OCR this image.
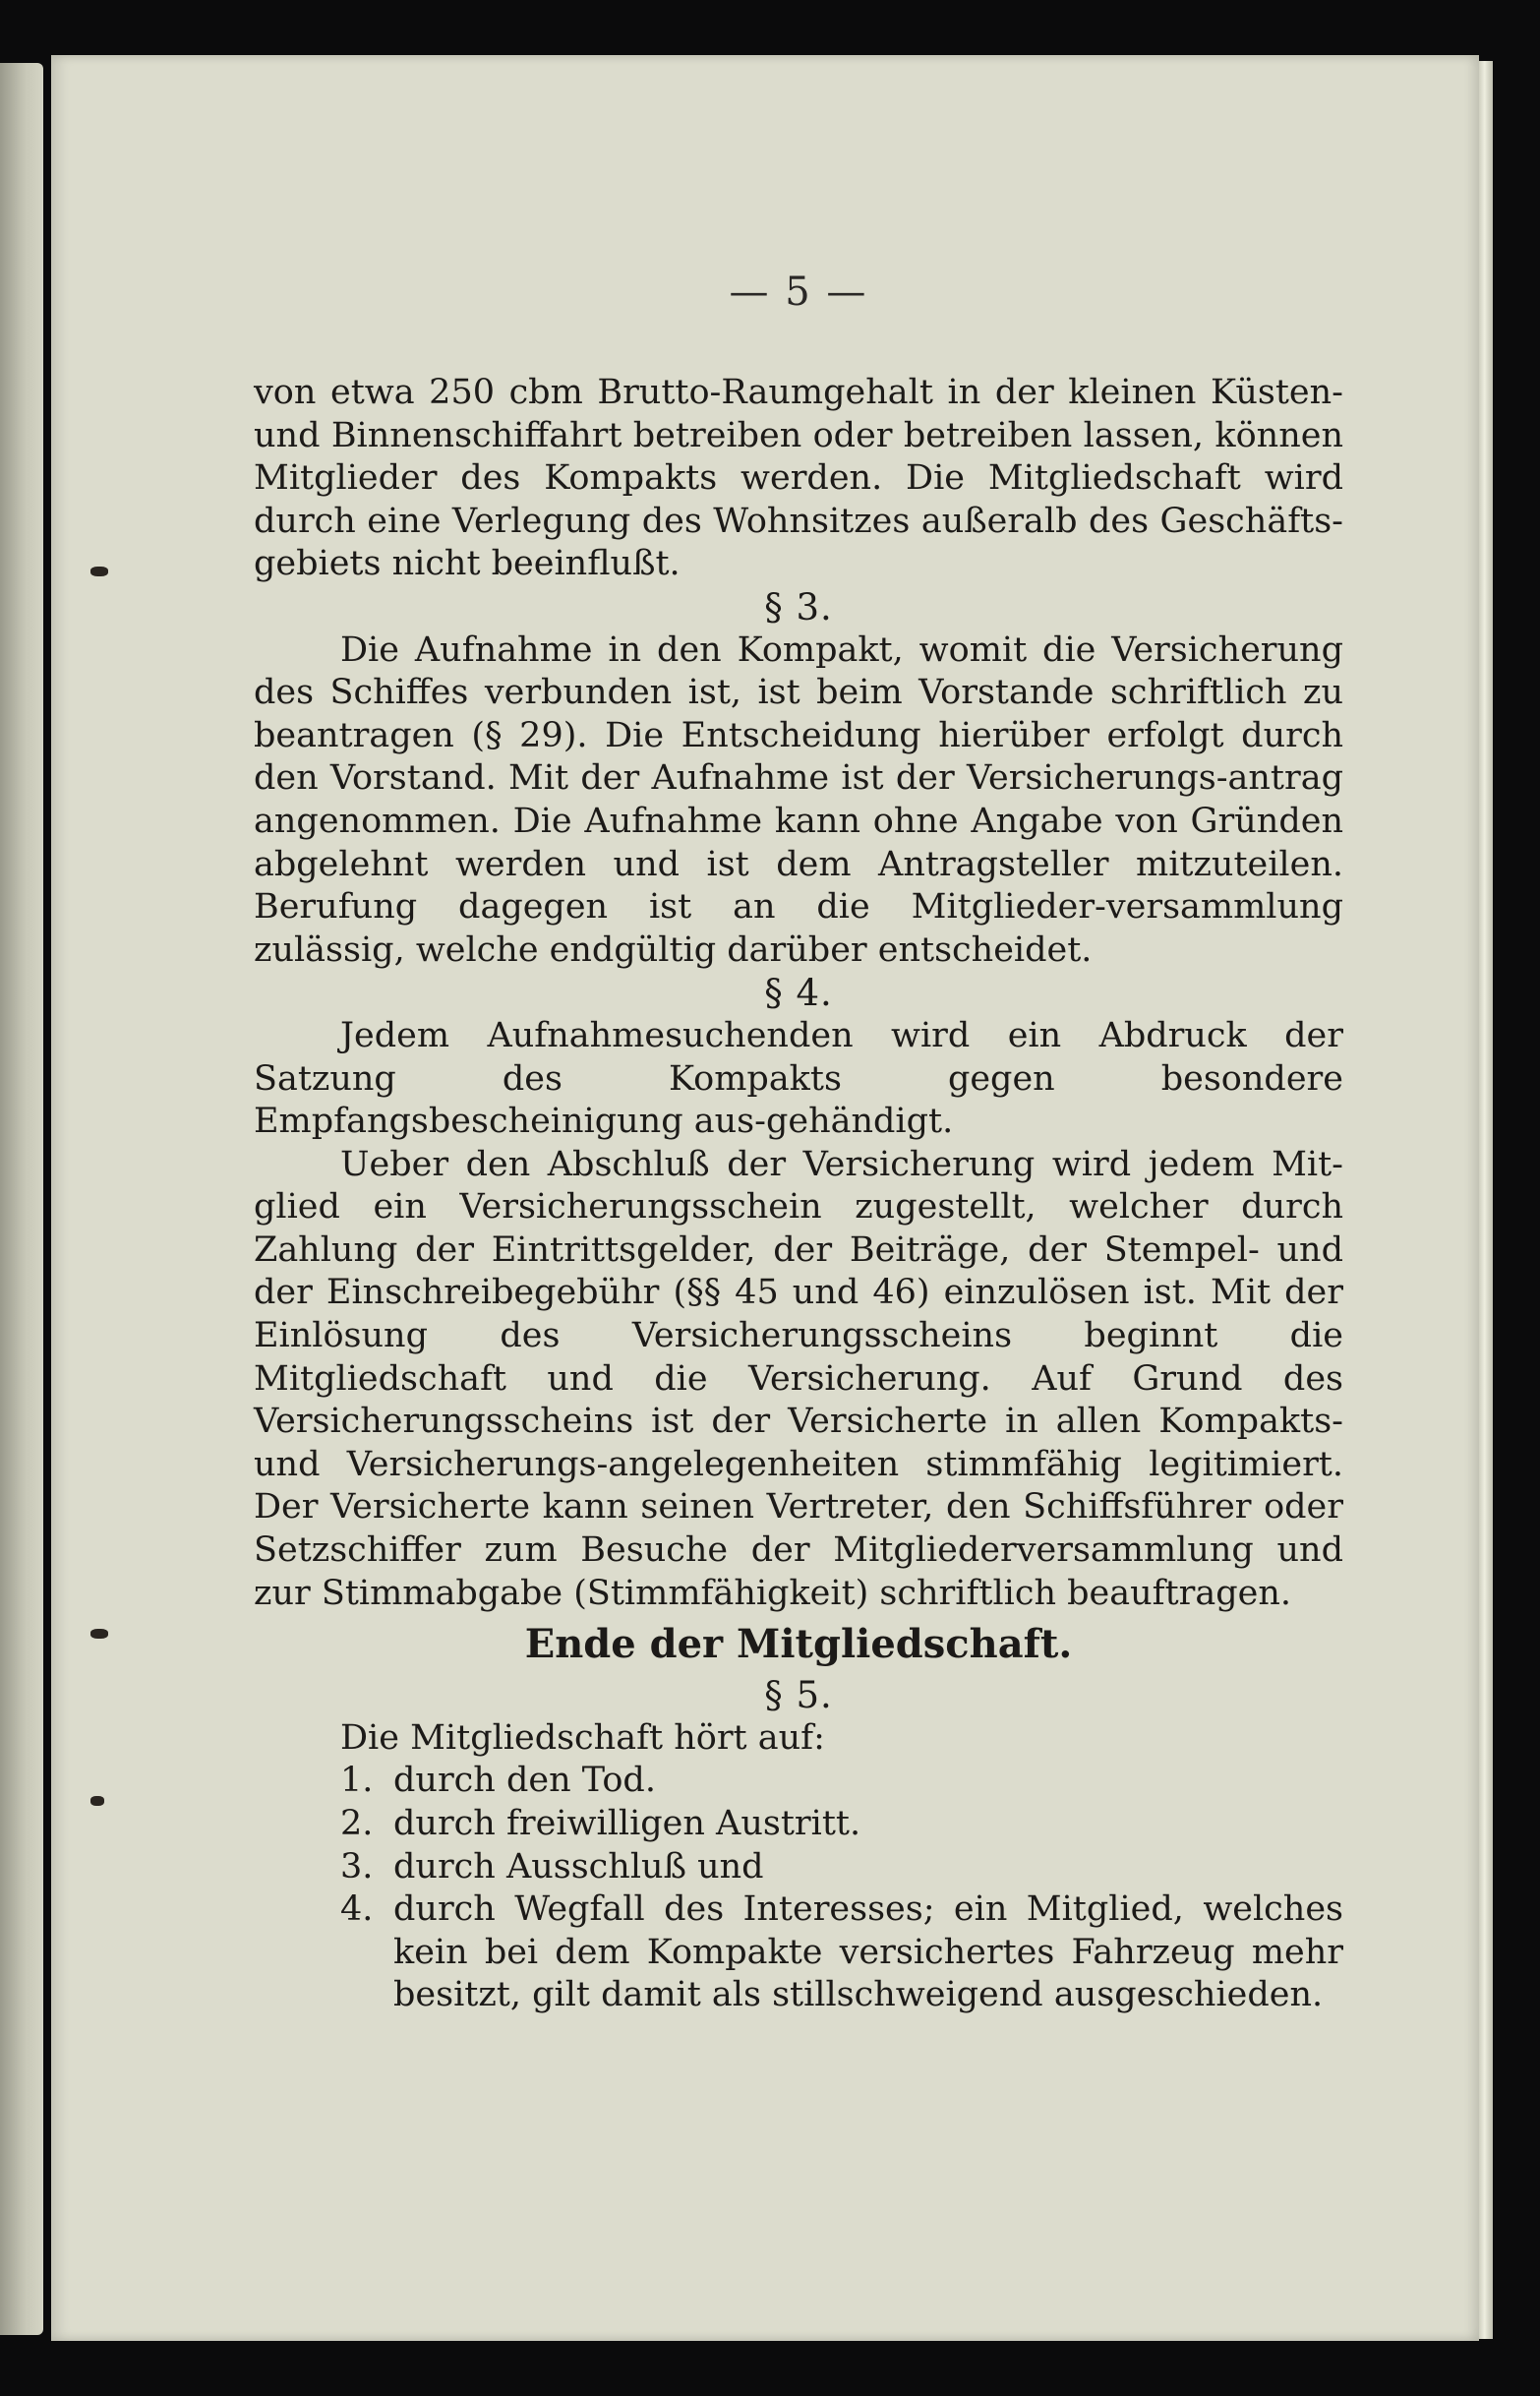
— 5 —

von etwa 250 cbm Brutto-Raumgehalt in der kleinen Küsten- und Binnenschiffahrt betreiben oder betreiben lassen, können Mitglieder des Kompakts werden. Die Mitgliedschaft wird durch eine Verlegung des Wohnsitzes außeralb des Geschäfts-gebiets nicht beeinflußt.

§ 3.

Die Aufnahme in den Kompakt, womit die Versicherung des Schiffes verbunden ist, ist beim Vorstande schriftlich zu beantragen (§ 29). Die Entscheidung hierüber erfolgt durch den Vorstand. Mit der Aufnahme ist der Versicherungs-antrag angenommen. Die Aufnahme kann ohne Angabe von Gründen abgelehnt werden und ist dem Antragsteller mitzuteilen. Berufung dagegen ist an die Mitglieder-versammlung zulässig, welche endgültig darüber entscheidet.

§ 4.

Jedem Aufnahmesuchenden wird ein Abdruck der Satzung des Kompakts gegen besondere Empfangsbescheinigung aus-gehändigt.

Ueber den Abschluß der Versicherung wird jedem Mit-glied ein Versicherungsschein zugestellt, welcher durch Zahlung der Eintrittsgelder, der Beiträge, der Stempel- und der Einschreibegebühr (§§ 45 und 46) einzulösen ist. Mit der Einlösung des Versicherungsscheins beginnt die Mitgliedschaft und die Versicherung. Auf Grund des Versicherungsscheins ist der Versicherte in allen Kompakts- und Versicherungs-angelegenheiten stimmfähig legitimiert. Der Versicherte kann seinen Vertreter, den Schiffsführer oder Setzschiffer zum Besuche der Mitgliederversammlung und zur Stimmabgabe (Stimmfähigkeit) schriftlich beauftragen.

Ende der Mitgliedschaft.

§ 5.

Die Mitgliedschaft hört auf:

1. durch den Tod.
2. durch freiwilligen Austritt.
3. durch Ausschluß und
4. durch Wegfall des Interesses; ein Mitglied, welches kein bei dem Kompakte versichertes Fahrzeug mehr besitzt, gilt damit als stillschweigend ausgeschieden.
